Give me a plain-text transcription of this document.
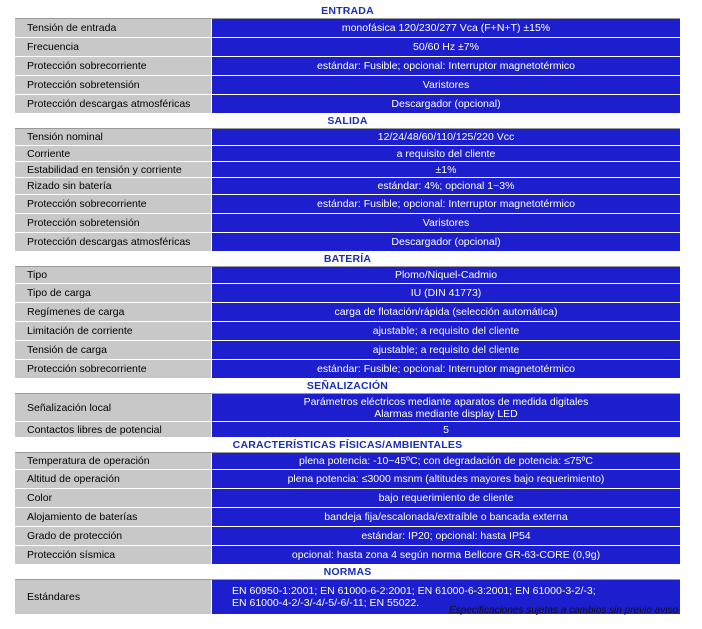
ENTRADA
Tensión de entrada	monofásica 120/230/277 Vca (F+N+T) ±15%
Frecuencia	50/60 Hz ±7%
Protección sobrecorriente	estándar: Fusible; opcional: Interruptor magnetotérmico
Protección sobretensión	Varistores
Protección descargas atmosféricas	Descargador (opcional)
SALIDA
Tensión nominal	12/24/48/60/110/125/220 Vcc
Corriente	a requisito del cliente
Estabilidad en tensión y corriente	±1%
Rizado sin batería	estándar: 4%; opcional 1~3%
Protección sobrecorriente	estándar: Fusible; opcional: Interruptor magnetotérmico
Protección sobretensión	Varistores
Protección descargas atmosféricas	Descargador (opcional)
BATERÍA
Tipo	Plomo/Niquel-Cadmio
Tipo de carga	IU (DIN 41773)
Regímenes de carga	carga de flotación/rápida (selección automática)
Limitación de corriente	ajustable; a requisito del cliente
Tensión de carga	ajustable; a requisito del cliente
Protección sobrecorriente	estándar: Fusible; opcional: Interruptor magnetotérmico
SEÑALIZACIÓN
Señalización local	Parámetros eléctricos mediante aparatos de medida digitales
Alarmas mediante display LED
Contactos libres de potencial	5
CARACTERÍSTICAS FÍSICAS/AMBIENTALES
Temperatura de operación	plena potencia: -10~45ºC; con degradación de potencia: ≤75ºC
Altitud de operación	plena potencia: ≤3000 msnm (altitudes mayores bajo requerimiento)
Color	bajo requerimiento de cliente
Alojamiento de baterías	bandeja fija/escalonada/extraíble o bancada externa
Grado de protección	estándar: IP20; opcional: hasta IP54
Protección sísmica	opcional: hasta zona 4 según norma Bellcore GR-63-CORE (0,9g)
NORMAS
Estándares	EN 60950-1:2001; EN 61000-6-2:2001; EN 61000-6-3:2001; EN 61000-3-2/-3;
EN 61000-4-2/-3/-4/-5/-6/-11; EN 55022.
Especificaciones sujetas a cambios sin previo aviso
